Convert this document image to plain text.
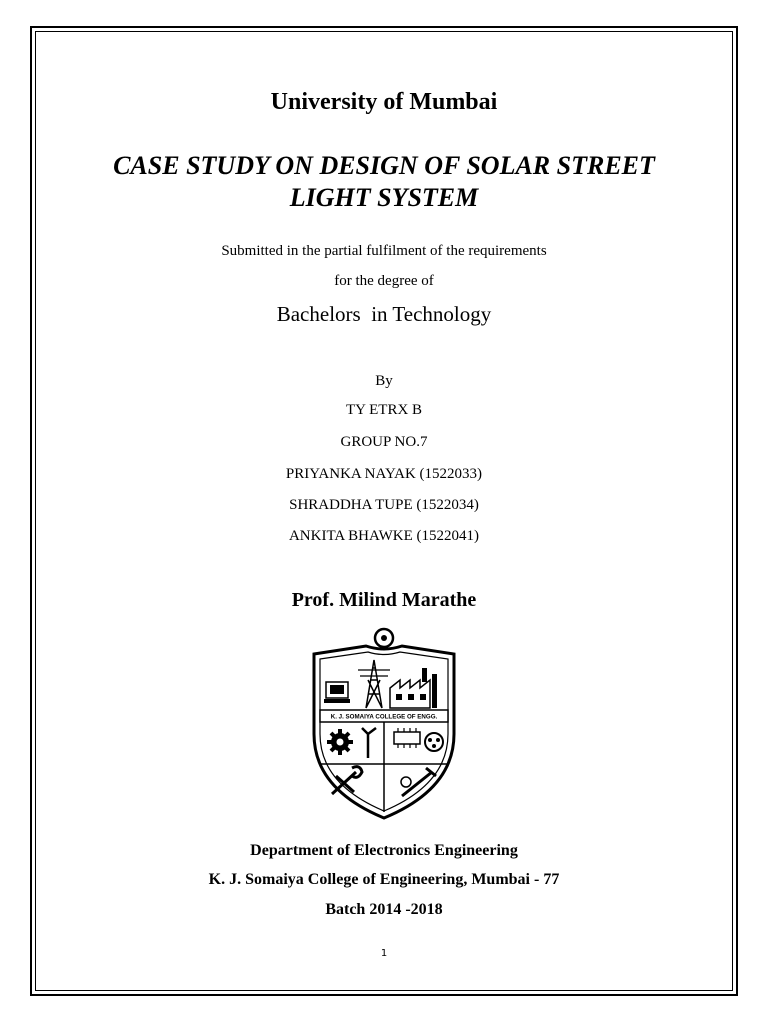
University of Mumbai
CASE STUDY ON DESIGN OF SOLAR STREET
LIGHT SYSTEM
Submitted in the partial fulfilment of the requirements
for the degree of
Bachelors  in Technology
By
TY ETRX B
GROUP NO.7
PRIYANKA NAYAK (1522033)
SHRADDHA TUPE (1522034)
ANKITA BHAWKE (1522041)
Prof. Milind Marathe
K. J. SOMAIYA COLLEGE OF ENGG.
Department of Electronics Engineering
K. J. Somaiya College of Engineering, Mumbai - 77
Batch 2014 -2018
1
